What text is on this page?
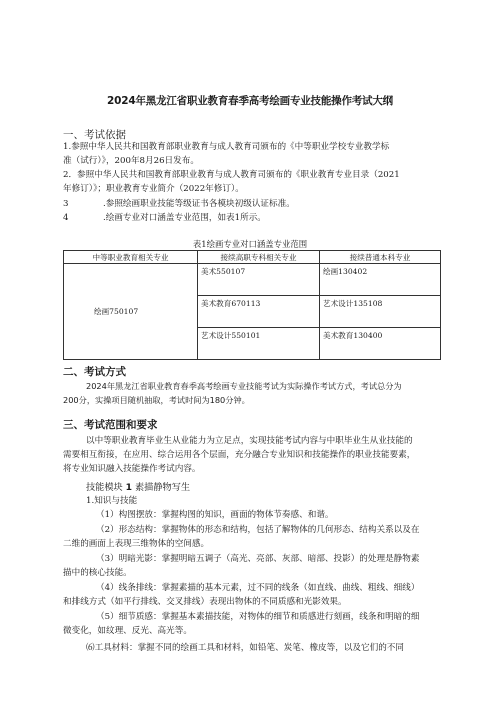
2024年黑龙江省职业教育春季高考绘画专业技能操作考试大纲
一、考试依据
1.参照中华人民共和国教育部职业教育与成人教育司颁布的《中等职业学校专业教学标
准（试行）》，200年8月26日发布。
2．参照中华人民共和国教育部职业教育与成人教育司颁布的《职业教育专业目录（2021
年修订）》；职业教育专业简介（2022年修订）。
3	.参照绘画职业技能等级证书各模块初级认证标准。
4	.绘画专业对口涵盖专业范围，如表1所示。
表1绘画专业对口涵盖专业范围
中等职业教育相关专业	接续高职专科相关专业	接续普通本科专业
绘画750107	美术550107	绘画130402
	美术教育670113	艺术设计135108
	艺术设计550101	美术教育130400
二、考试方式
2024年黑龙江省职业教育春季高考绘画专业技能考试为实际操作考试方式，考试总分为
200分，实操项目随机抽取，考试时间为180分钟。
三、考试范围和要求
以中等职业教育毕业生从业能力为立足点，实现技能考试内容与中职毕业生从业技能的
需要相互衔接，在应用、综合运用各个层面，充分融合专业知识和技能操作的职业技能要素，
将专业知识融入技能操作考试内容。
技能模块 1 素描静物写生
1.知识与技能
（1）构图摆放：掌握构图的知识，画面的物体节奏感、和谐。
（2）形态结构：掌握物体的形态和结构，包括了解物体的几何形态、结构关系以及在
二维的画面上表现三维物体的空间感。
（3）明暗光影：掌握明暗五调子（高光、亮部、灰部、暗部、投影）的处理是静物素
描中的核心技能。
（4）线条排线：掌握素描的基本元素，过不同的线条（如直线、曲线、粗线、细线）
和排线方式（如平行排线、交叉排线）表现出物体的不同质感和光影效果。
（5）细节质感：掌握基本素描技能，对物体的细节和质感进行刻画，线条和明暗的细
微变化，如纹理、反光、高光等。
⑹工具材料：掌握不同的绘画工具和材料，如铅笔、炭笔、橡皮等，以及它们的不同
